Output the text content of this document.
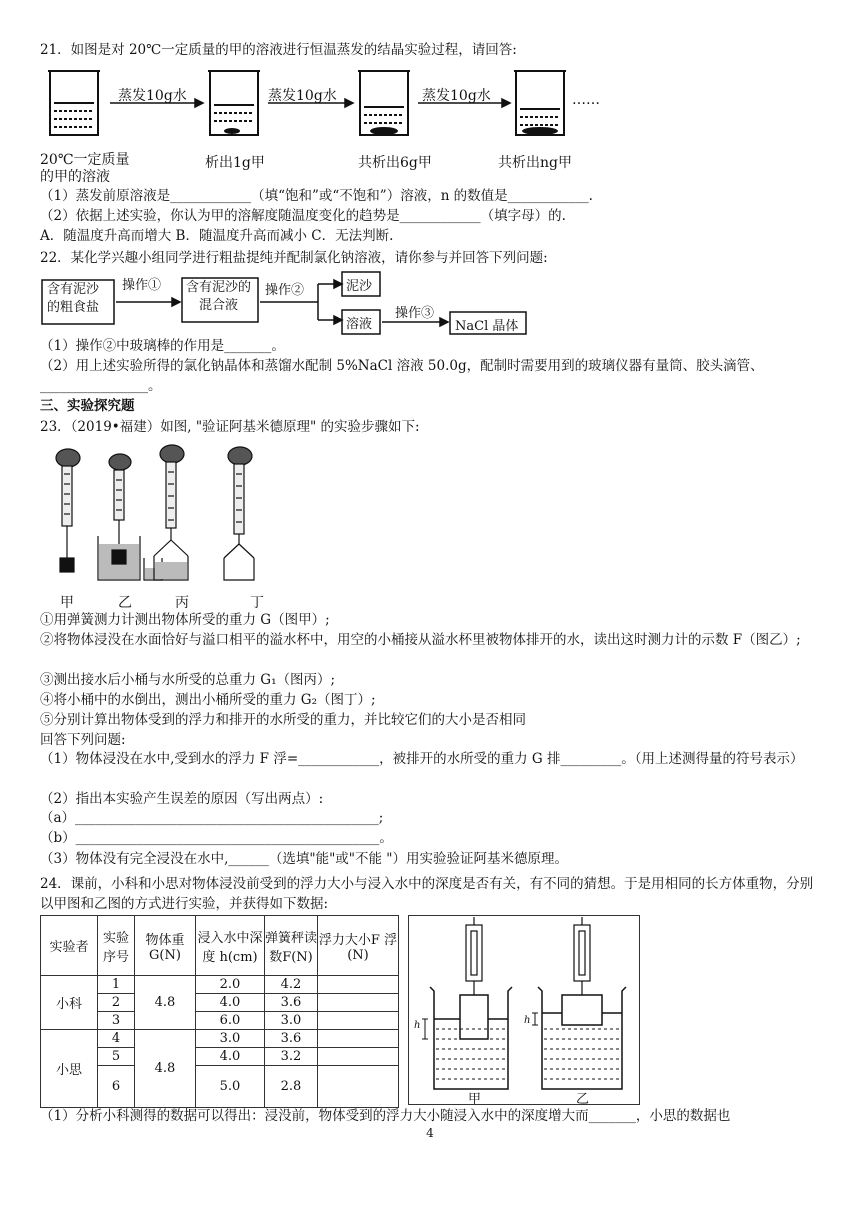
21．如图是对 20℃一定质量的甲的溶液进行恒温蒸发的结晶实验过程，请回答:
蒸发10g水	蒸发10g水	蒸发10g水	……
20℃一定质量
的甲的溶液
析出1g甲	共析出6g甲	共析出ng甲
（1）蒸发前原溶液是____________（填“饱和”或“不饱和”）溶液，n 的数值是____________.
（2）依据上述实验，你认为甲的溶解度随温度变化的趋势是____________（填字母）的.
A．随温度升高而增大 B．随温度升高而减小 C．无法判断.
22．某化学兴趣小组同学进行粗盐提纯并配制氯化钠溶液，请你参与并回答下列问题:
含有泥沙
的粗食盐
操作① 含有泥沙的
混合液
操作②	泥沙
溶液
操作③
NaCl 晶体
（1）操作②中玻璃棒的作用是_______。
（2）用上述实验所得的氯化钠晶体和蒸馏水配制 5%NaCl 溶液 50.0g，配制时需要用到的玻璃仪器有量筒、胶头滴管、________________。
三、实验探究题
23．（2019•福建）如图, "验证阿基米德原理" 的实验步骤如下:
甲	乙	丙	丁
①用弹簧测力计测出物体所受的重力 G（图甲）;
②将物体浸没在水面恰好与溢口相平的溢水杯中，用空的小桶接从溢水杯里被物体排开的水，读出这时测力计的示数 F（图乙）;
③测出接水后小桶与水所受的总重力 G₁（图丙）;
④将小桶中的水倒出，测出小桶所受的重力 G₂（图丁）;
⑤分别计算出物体受到的浮力和排开的水所受的重力，并比较它们的大小是否相同
回答下列问题:
（1）物体浸没在水中,受到水的浮力 F 浮=____________，被排开的水所受的重力 G 排_________。（用上述测得量的符号表示）
（2）指出本实验产生误差的原因（写出两点）:
（a）_____________________________________________;
（b）_____________________________________________。
（3）物体没有完全浸没在水中,______（选填"能"或"不能 "）用实验验证阿基米德原理。
24．课前，小科和小思对物体浸没前受到的浮力大小与浸入水中的深度是否有关，有不同的猜想。于是用相同的长方体重物，分别以甲图和乙图的方式进行实验，并获得如下数据:
实验者	实验序号	物体重G(N)	浸入水中深度 h(cm)	弹簧秤读数F(N)	浮力大小F 浮(N)
小科	1	4.8	2.0	4.2	
	2		4.0	3.6	
	3		6.0	3.0	
小思	4	4.8	3.0	3.6	
	5		4.0	3.2	
	6		5.0	2.8	
h	h
甲	乙
（1）分析小科测得的数据可以得出：浸没前，物体受到的浮力大小随浸入水中的深度增大而_______，小思的数据也
4
